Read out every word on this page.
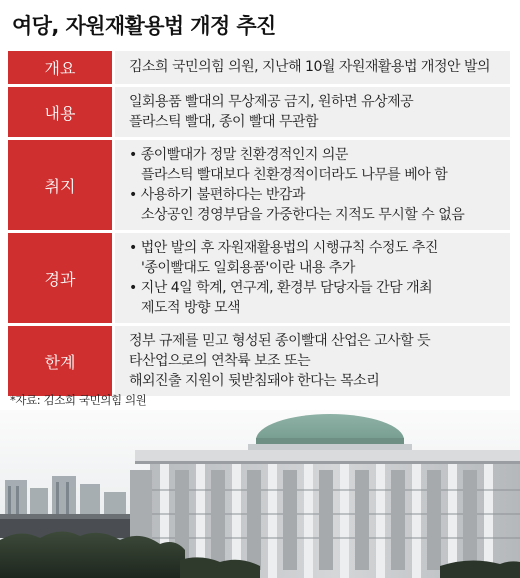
여당, 자원재활용법 개정 추진
개요	김소희 국민의힘 의원, 지난해 10월 자원재활용법 개정안 발의
내용
일회용품 빨대의 무상제공 금지, 원하면 유상제공
플라스틱 빨대, 종이 빨대 무관함
취지
• 종이빨대가 정말 친환경적인지 의문
플라스틱 빨대보다 친환경적이더라도 나무를 베아 함
• 사용하기 불편하다는 반감과
소상공인 경영부담을 가중한다는 지적도 무시할 수 없음
경과
• 법안 발의 후 자원재활용법의 시행규칙 수정도 추진
'종이빨대도 일회용품'이란 내용 추가
• 지난 4일 학계, 연구계, 환경부 담당자들 간담 개최
제도적 방향 모색
한계
정부 규제를 믿고 형성된 종이빨대 산업은 고사할 듯
타산업으로의 연착륙 보조 또는
해외진출 지원이 뒷받침돼야 한다는 목소리
*자료: 김소희 국민의힘 의원
